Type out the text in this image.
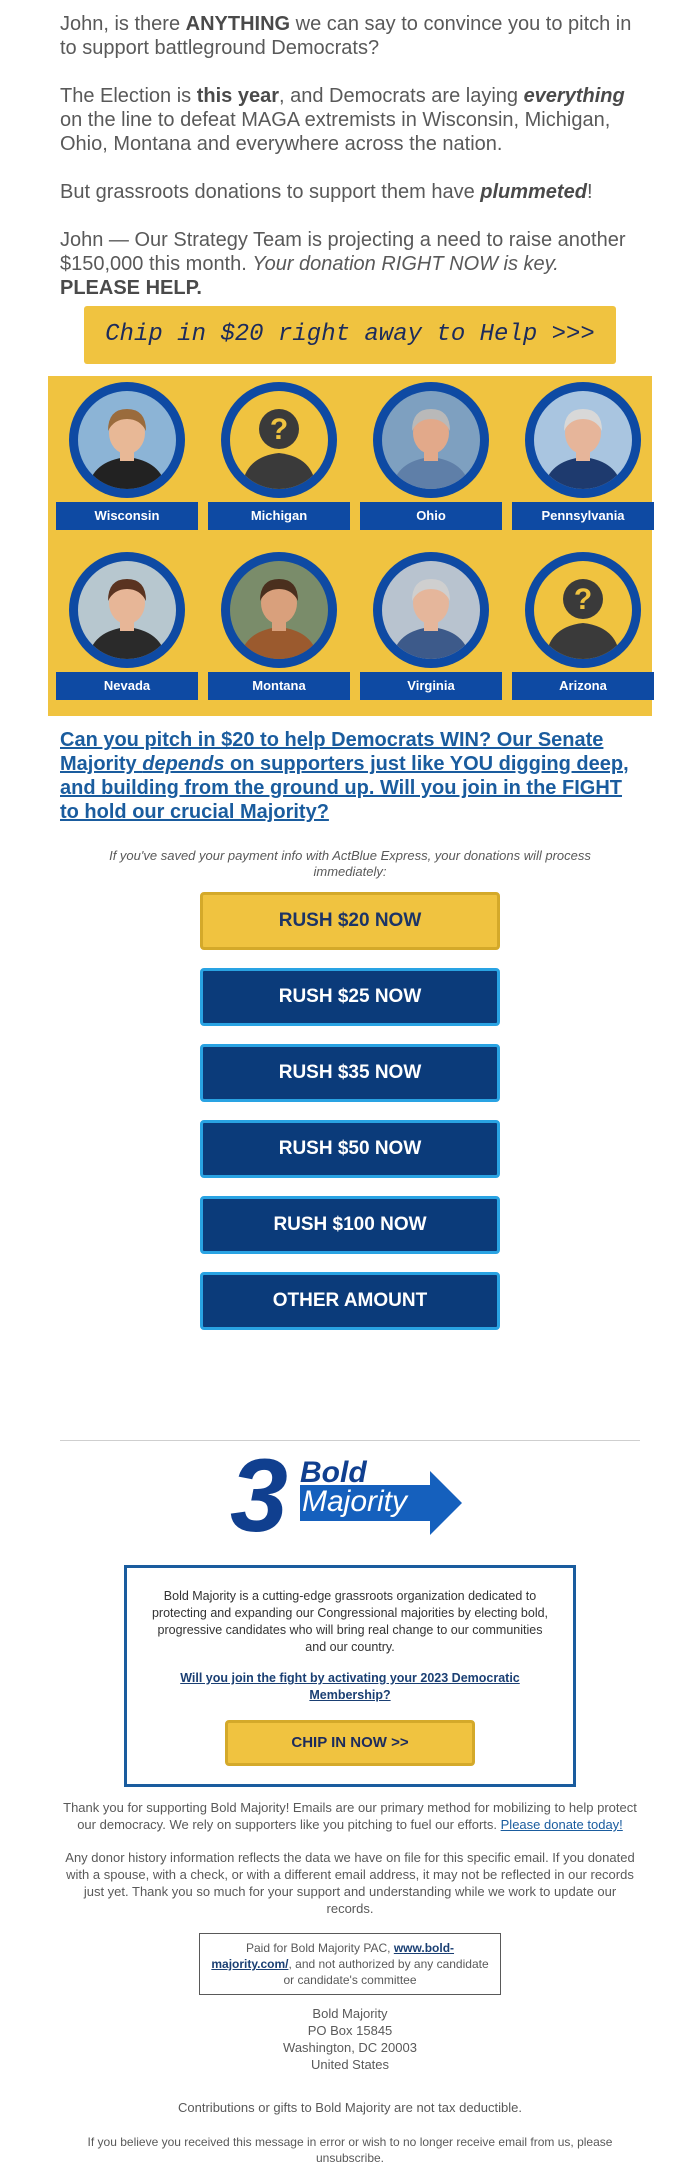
John, is there ANYTHING we can say to convince you to pitch in to support battleground Democrats?

The Election is this year, and Democrats are laying everything on the line to defeat MAGA extremists in Wisconsin, Michigan, Ohio, Montana and everywhere across the nation.

But grassroots donations to support them have plummeted!

John — Our Strategy Team is projecting a need to raise another $150,000 this month. Your donation RIGHT NOW is key.
PLEASE HELP.

Chip in $20 right away to Help >>>
Wisconsin
?
Michigan	Ohio	Pennsylvania
Nevada	Montana	Virginia
?
Arizona
Can you pitch in $20 to help Democrats WIN? Our Senate Majority depends on supporters just like YOU digging deep, and building from the ground up. Will you join in the FIGHT to hold our crucial Majority?
If you've saved your payment info with ActBlue Express, your donations will process immediately:
RUSH $20 NOW
RUSH $25 NOW
RUSH $35 NOW
RUSH $50 NOW
RUSH $100 NOW
OTHER AMOUNT
3 Bold
Majority
Bold Majority is a cutting-edge grassroots organization dedicated to protecting and expanding our Congressional majorities by electing bold, progressive candidates who will bring real change to our communities and our country.
Will you join the fight by activating your 2023 Democratic Membership?
CHIP IN NOW >>
Thank you for supporting Bold Majority! Emails are our primary method for mobilizing to help protect our democracy. We rely on supporters like you pitching to fuel our efforts. Please donate today!
Any donor history information reflects the data we have on file for this specific email. If you donated with a spouse, with a check, or with a different email address, it may not be reflected in our records just yet. Thank you so much for your support and understanding while we work to update our records.
Paid for Bold Majority PAC, www.bold-majority.com/, and not authorized by any candidate or candidate's committee
Bold Majority
PO Box 15845
Washington, DC 20003
United States
Contributions or gifts to Bold Majority are not tax deductible.
If you believe you received this message in error or wish to no longer receive email from us, please unsubscribe.
